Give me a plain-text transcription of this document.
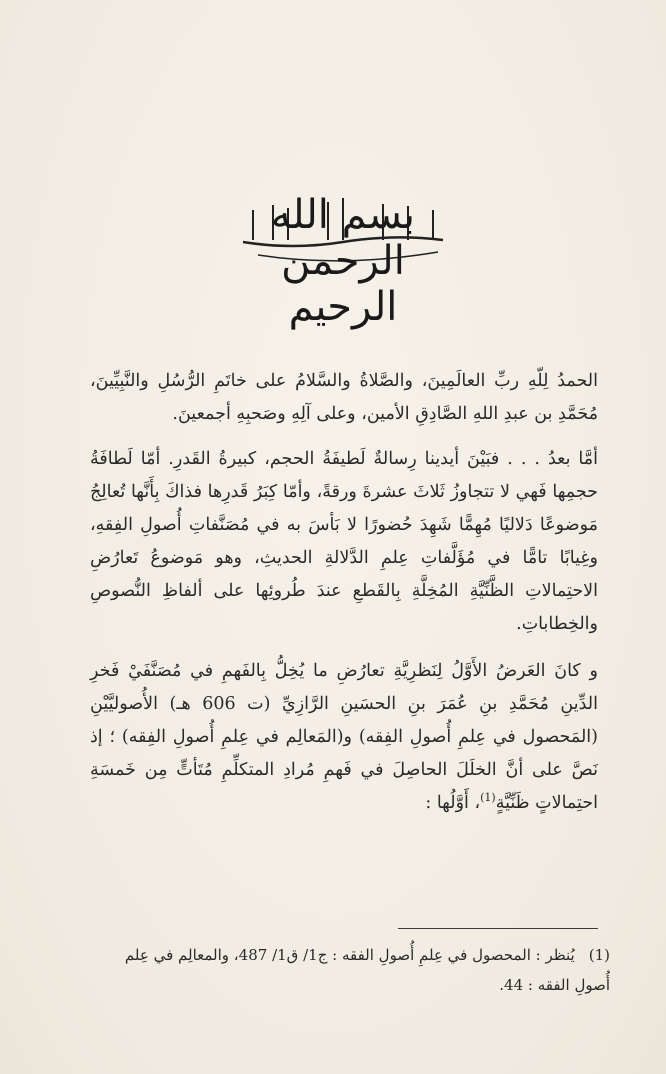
بسم الله الرحمن الرحيم

الحمدُ لِلّهِ ربِّ العالَمِينَ، والصَّلاةُ والسَّلامُ على خاتَمِ الرُّسُلِ والنَّبِيِّينَ، مُحَمَّدِ بن عبدِ اللهِ الصَّادِقِ الأمين، وعلى آلِهِ وصَحبِهِ أجمعينَ.

أمَّا بعدُ . . . فبَيْنَ أيدينا رِسالةٌ لَطيفَةُ الحجم، كبيرةُ القَدرِ. أمّا لَطافَةُ حجمِها فَهي لا تتجاوزُ ثَلاثَ عشرةَ ورقةً، وأمّا كِبَرُ قَدرِها فذاكَ بِأَنَّها تُعالِجُ مَوضوعًا دَلاليًا مُهِمًّا شَهِدَ حُضورًا لا بَأسَ به في مُصَنَّفاتِ أُصولِ الفِقهِ، وغِيابًا تامًّا في مُؤَلَّفاتِ عِلمِ الدَّلالةِ الحديثِ، وهو مَوضوعُ تَعارُضِ الاحتِمالاتِ الظَّنِّيَّةِ المُخِلَّةِ بِالقَطعِ عندَ طُروئِها على ألفاظِ النُّصوصِ والخِطاباتِ.

و كانَ العَرضُ الأَوَّلُ لِنَظرِيَّةِ تعارُضِ ما يُخِلُّ بِالفَهمِ في مُصَنَّفَيْ فَخرِ الدِّينِ مُحَمَّدِ بنِ عُمَرَ بنِ الحسَينِ الرَّازِيِّ (ت 606 هـ) الأُصوليَّيْنِ (المَحصول في عِلمِ أُصولِ الفِقه) و(المَعالِم في عِلمِ أُصولِ الفِقه) ؛ إذ نَصَّ على أنَّ الخلَلَ الحاصِلَ في فَهمِ مُرادِ المتكلِّمِ مُتَأتٍّ مِن خَمسَةِ احتِمالاتٍ ظَنِّيَّةٍ$^{(1)}$، أَوَّلُها :

(1)يُنظر : المحصول في عِلمِ أُصولِ الفقه : ج1/ ق1/ 487، والمعالِم في عِلم أُصولِ الفقه : 44.
